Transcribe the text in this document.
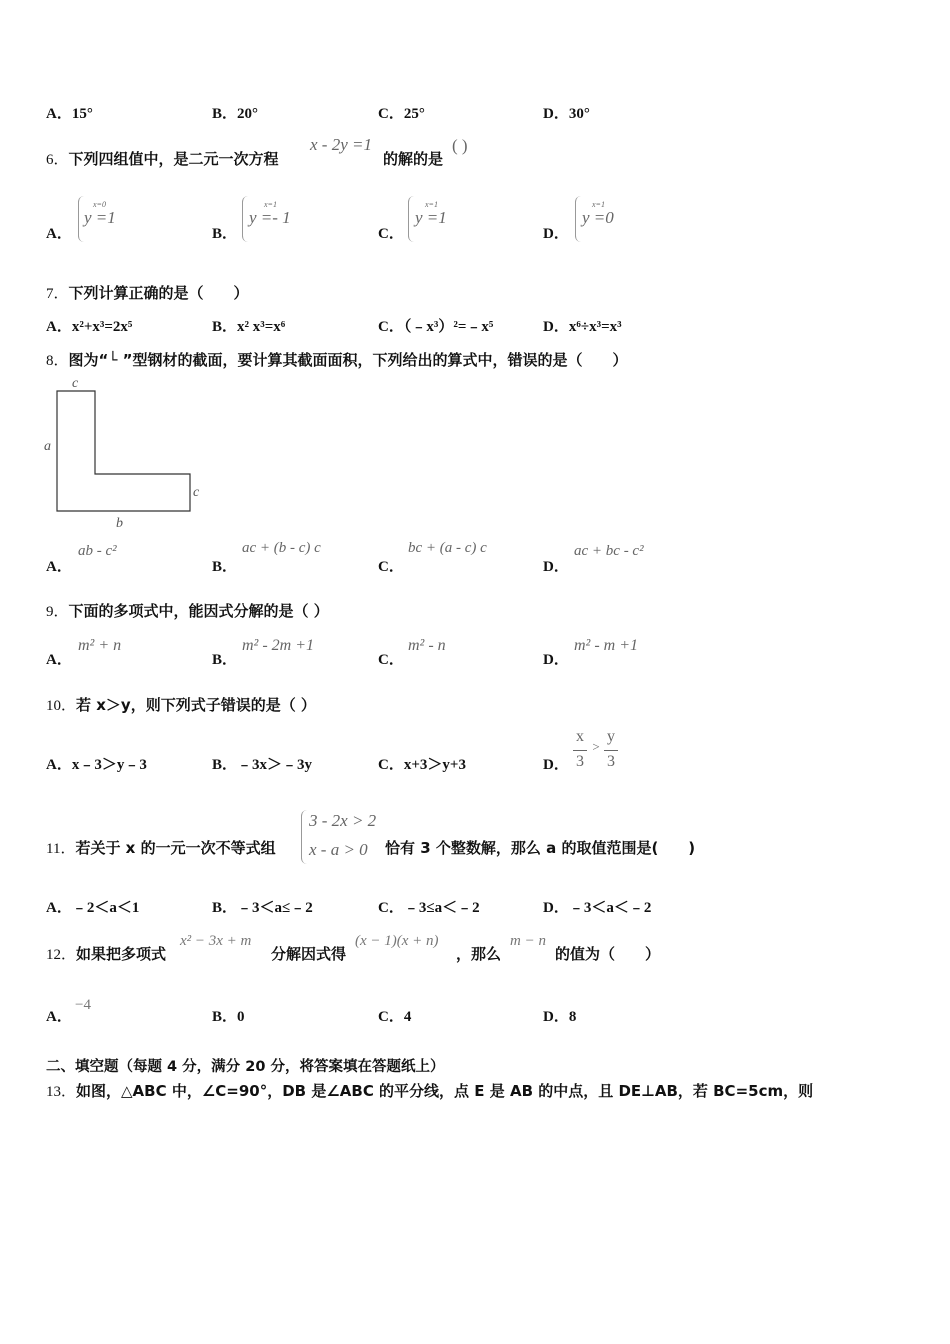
A．15°	B．20°	C．25°	D．30°
6．下列四组值中，是二元一次方程
x - 2y =1
的解的是
( )
A．
x=0
y =1
B．
x=1
y =- 1
C．
x=1
y =1
D．
x=1
y =0
7．下列计算正确的是（　　）
A．x²+x³=2x⁵	B．x² x³=x⁶	C．（﹣x³）²=﹣x⁵	D．x⁶÷x³=x³
8．图为“└ ”型钢材的截面，要计算其截面面积，下列给出的算式中，错误的是（　　）
c
a
c
b
A．
ab - c²
B．
ac + (b - c) c
C．
bc + (a - c) c
D．
ac + bc - c²
9．下面的多项式中，能因式分解的是（ ）
A．
m² + n
B．
m² - 2m +1
C．
m² - n
D．
m² - m +1
10．若 x＞y，则下列式子错误的是（ ）
A．x﹣3＞y﹣3	B．﹣3x＞﹣3y	C．x+3＞y+3	D．
x
3
>
y
3
11．若关于 x 的一元一次不等式组
3 - 2x > 2
x - a > 0 恰有 3 个整数解，那么 a 的取值范围是(　　)
A．﹣2＜a＜1	B．﹣3＜a≤﹣2	C．﹣3≤a＜﹣2	D．﹣3＜a＜﹣2
12．如果把多项式
x² − 3x + m
分解因式得
(x − 1)(x + n)
，那么
m − n
的值为（　　）
A．
−4
B．0	C．4	D．8
二、填空题（每题 4 分，满分 20 分，将答案填在答题纸上）
13．如图，△ABC 中，∠C=90°，DB 是∠ABC 的平分线，点 E 是 AB 的中点，且 DE⊥AB，若 BC=5cm，则
